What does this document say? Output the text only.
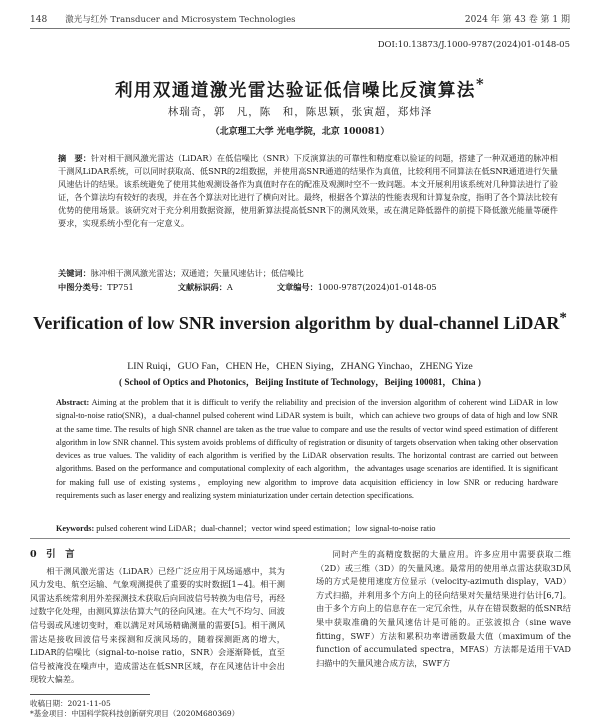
148 激光与红外 Transducer and Microsystem Technologies	2024 年 第 43 卷 第 1 期
DOI:10.13873/J.1000-9787(2024)01-0148-05
利用双通道激光雷达验证低信噪比反演算法*
林瑞奇，郭　凡，陈　和，陈思颖，张寅超，郑炜泽
（北京理工大学 光电学院，北京 100081）
摘　要：针对相干测风激光雷达（LiDAR）在低信噪比（SNR）下反演算法的可靠性和精度难以验证的问题，搭建了一种双通道的脉冲相干测风LiDAR系统，可以同时获取高、低SNR的2组数据，并使用高SNR通道的结果作为真值，比较利用不同算法在低SNR通道进行矢量风速估计的结果。该系统避免了使用其他观测设备作为真值时存在的配准及观测时空不一致问题。本文开展利用该系统对几种算法进行了验证，各个算法均有较好的表现，并在各个算法对比进行了横向对比。最终，根据各个算法的性能表现和计算复杂度，指明了各个算法比较有优势的使用场景。该研究对于充分利用数据资源，使用新算法提高低SNR下的测风效果，或在满足降低器件的前提下降低激光能量等硬件要求，实现系统小型化有一定意义。
关键词：脉冲相干测风激光雷达；双通道；矢量风速估计；低信噪比
中图分类号：TP751	文献标识码：A	文章编号：1000-9787(2024)01-0148-05
Verification of low SNR inversion algorithm by dual-channel LiDAR*
LIN Ruiqi，GUO Fan，CHEN He，CHEN Siying，ZHANG Yinchao，ZHENG Yize
( School of Optics and Photonics，Beijing Institute of Technology，Beijing 100081，China )
Abstract: Aiming at the problem that it is difficult to verify the reliability and precision of the inversion algorithm of coherent wind LiDAR in low signal-to-noise ratio(SNR)，a dual-channel pulsed coherent wind LiDAR system is built，which can achieve two groups of data of high and low SNR at the same time. The results of high SNR channel are taken as the true value to compare and use the results of vector wind speed estimation of different algorithm in low SNR channel. This system avoids problems of difficulty of registration or disunity of targets observation when taking other observation devices as true values. The validity of each algorithm is verified by the LiDAR observation results. The horizontal contrast are carried out between algorithms. Based on the performance and computational complexity of each algorithm，the advantages usage scenarios are identified. It is significant for making full use of existing systems，employing new algorithm to improve data acquisition efficiency in low SNR or reducing hardware requirements such as laser energy and realizing system miniaturization under certain detection specifications.
Keywords: pulsed coherent wind LiDAR；dual-channel；vector wind speed estimation；low signal-to-noise ratio
0　引　言

相干测风激光雷达（LiDAR）已经广泛应用于风场遥感中，其为风力发电、航空运输、气象观测提供了重要的实时数据[1~4]。相干测风雷达系统常利用外差探测技术获取后向回波信号转换为电信号，再经过数字化处理，由测风算法估算大气的径向风速。在大气不均匀、回波信号弱或风速切变时，难以满足对风场精确测量的需要[5]。相干测风雷达是接收回波信号来探测和反演风场的，随着探测距离的增大，LiDAR的信噪比（signal-to-noise ratio，SNR）会逐渐降低，直至信号被淹没在噪声中，造成雷达在低SNR区域，存在风速估计中会出现较大偏差。

同时产生的高精度数据的大量应用。许多应用中需要获取二维（2D）或三维（3D）的矢量风速。最常用的使用单点雷达获取3D风场的方式是使用速度方位显示（velocity-azimuth display，VAD）方式扫描，并利用多个方向上的径向结果对矢量结果进行估计[6,7]。由于多个方向上的信息存在一定冗余性，从存在错误数据的低SNR结果中获取准确的矢量风速估计是可能的。正弦波拟合（sine wave fitting，SWF）方法和累积功率谱函数最大值（maximum of the function of accumulated spectra，MFAS）方法都是适用于VAD扫描中的矢量风速合成方法，SWF方

收稿日期：2021-11-05
*基金项目：中国科学院科技创新研究项目（2020M680369）
